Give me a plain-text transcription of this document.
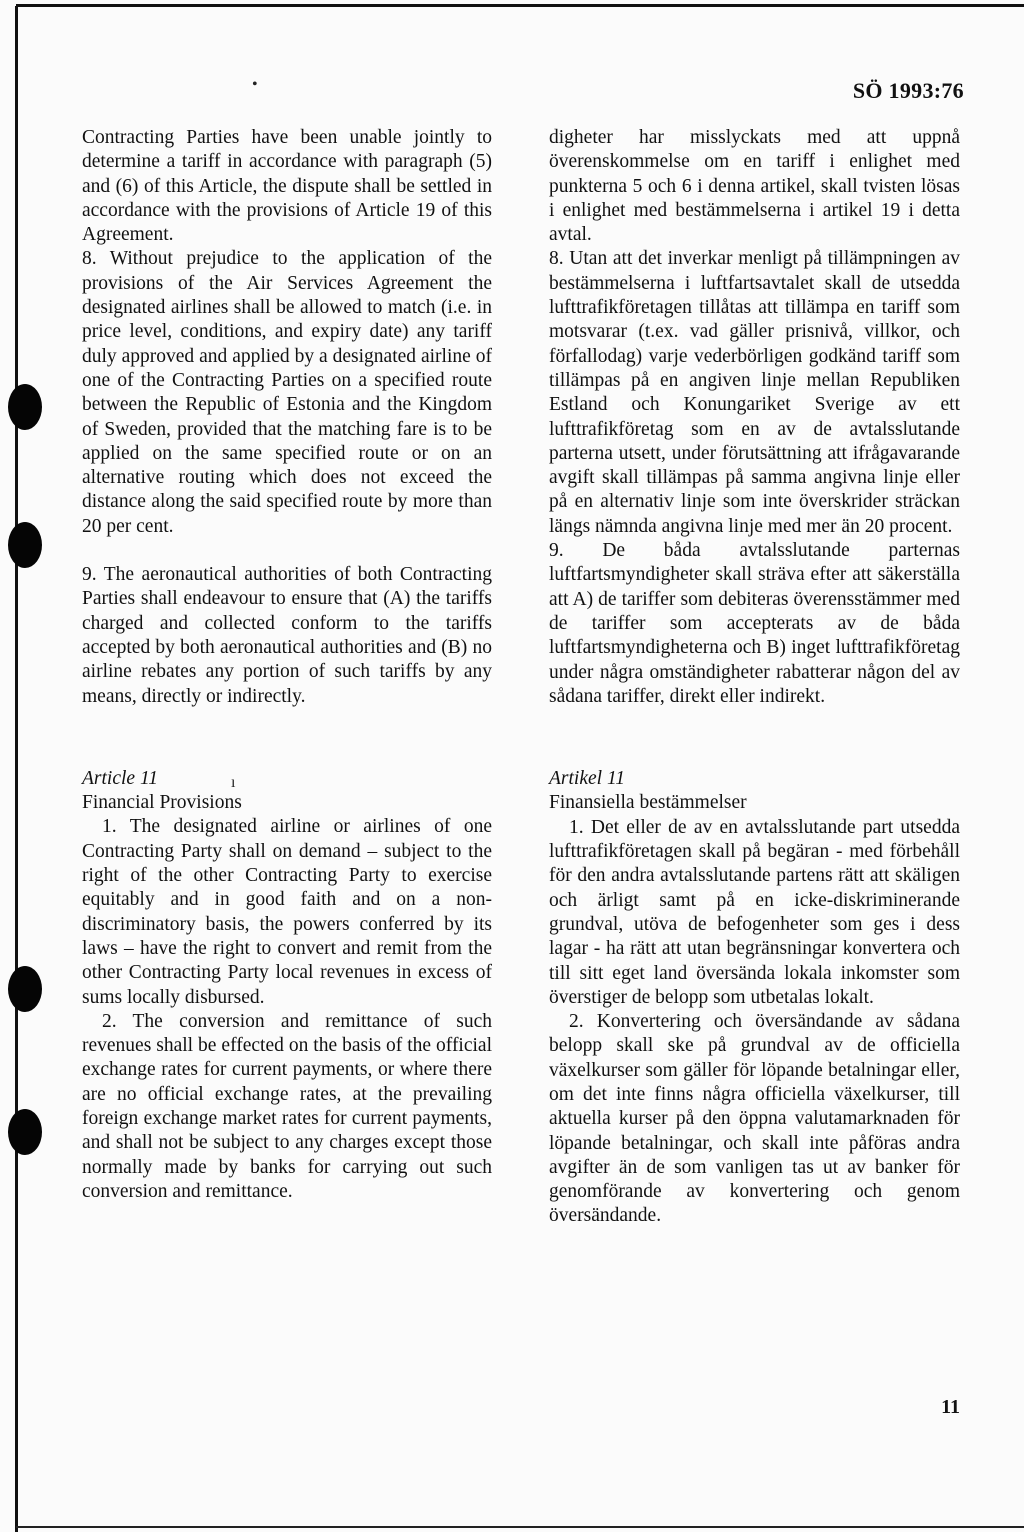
•
ı
SÖ 1993:76

Contracting Parties have been unable jointly to determine a tariff in accordance with paragraph (5) and (6) of this Article, the dispute shall be settled in accordance with the provisions of Article 19 of this Agreement.

8. Without prejudice to the application of the provisions of the Air Services Agreement the designated airlines shall be allowed to match (i.e. in price level, conditions, and expiry date) any tariff duly approved and applied by a designated airline of one of the Contracting Parties on a specified route between the Republic of Estonia and the Kingdom of Sweden, provided that the matching fare is to be applied on the same specified route or on an alternative routing which does not exceed the distance along the said specified route by more than 20 per cent.

9. The aeronautical authorities of both Contracting Parties shall endeavour to ensure that (A) the tariffs charged and collected conform to the tariffs accepted by both aeronautical authorities and (B) no airline rebates any portion of such tariffs by any means, directly or indirectly.

Article 11

Financial Provisions

1. The designated airline or airlines of one Contracting Party shall on demand – subject to the right of the other Contracting Party to exercise equitably and in good faith and on a non-discriminatory basis, the powers conferred by its laws – have the right to convert and remit from the other Contracting Party local revenues in excess of sums locally disbursed.

2. The conversion and remittance of such revenues shall be effected on the basis of the official exchange rates for current payments, or where there are no official exchange rates, at the prevailing foreign exchange market rates for current payments, and shall not be subject to any charges except those normally made by banks for carrying out such conversion and remittance.

digheter har misslyckats med att uppnå överenskommelse om en tariff i enlighet med punkterna 5 och 6 i denna artikel, skall tvisten lösas i enlighet med bestämmelserna i artikel 19 i detta avtal.

8. Utan att det inverkar menligt på tillämpningen av bestämmelserna i luftfartsavtalet skall de utsedda lufttrafikföretagen tillåtas att tillämpa en tariff som motsvarar (t.ex. vad gäller prisnivå, villkor, och förfallodag) varje vederbörligen godkänd tariff som tillämpas på en angiven linje mellan Republiken Estland och Konungariket Sverige av ett lufttrafikföretag som en av de avtalsslutande parterna utsett, under förutsättning att ifrågavarande avgift skall tillämpas på samma angivna linje eller på en alternativ linje som inte överskrider sträckan längs nämnda angivna linje med mer än 20 procent.

9. De båda avtalsslutande parternas luftfartsmyndigheter skall sträva efter att säkerställa att A) de tariffer som debiteras överensstämmer med de tariffer som accepterats av de båda luftfartsmyndigheterna och B) inget lufttrafikföretag under några omständigheter rabatterar någon del av sådana tariffer, direkt eller indirekt.

Artikel 11

Finansiella bestämmelser

1. Det eller de av en avtalsslutande part utsedda lufttrafikföretagen skall på begäran - med förbehåll för den andra avtalsslutande partens rätt att skäligen och ärligt samt på en icke-diskriminerande grundval, utöva de befogenheter som ges i dess lagar - ha rätt att utan begränsningar konvertera och till sitt eget land översända lokala inkomster som överstiger de belopp som utbetalas lokalt.

2. Konvertering och översändande av sådana belopp skall ske på grundval av de officiella växelkurser som gäller för löpande betalningar eller, om det inte finns några officiella växelkurser, till aktuella kurser på den öppna valutamarknaden för löpande betalningar, och skall inte påföras andra avgifter än de som vanligen tas ut av banker för genomförande av konvertering och genom översändande.

11
